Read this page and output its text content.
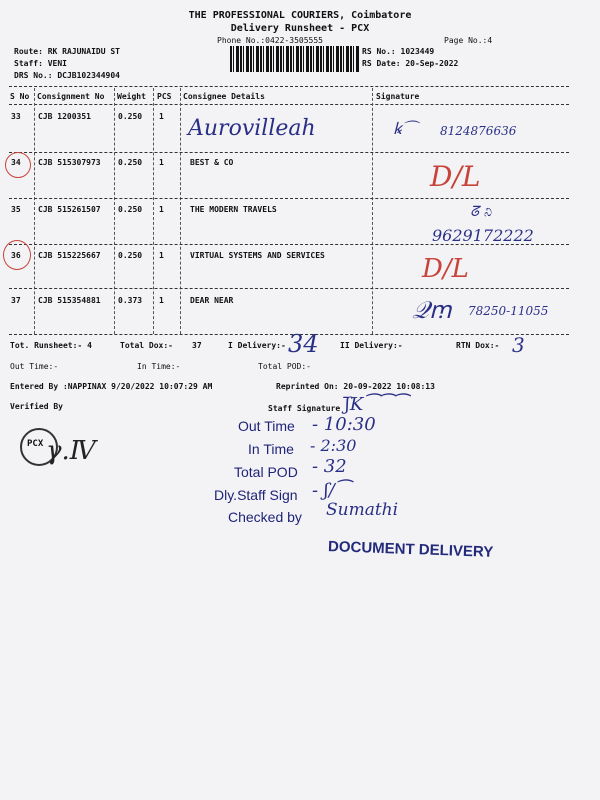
THE PROFESSIONAL COURIERS, Coimbatore
Delivery Runsheet - PCX
Phone No.:0422-3505555	Page No.:4
Route: RK RAJUNAIDU ST
Staff: VENI
DRS No.: DCJB102344904
RS No.: 1023449
RS Date: 20-Sep-2022
S No Consignment No Weight PCS Consignee Details	Signature
33 CJB 1200351	0.250 1 Aurovilleah	8124876636
ꝃ⌒
34 CJB 515307973 0.250 1	BEST & CO	D/L
35 CJB 515261507 0.250 1	THE MODERN TRAVELS	ᘔ ನಿ
9629172222
36 CJB 515225667 0.250 1	VIRTUAL SYSTEMS AND SERVICES	D/L
37 CJB 515354881 0.373 1	DEAR NEAR	𝒬ꭑ 78250-11055
Tot. Runsheet:- 4	Total Dox:- 37	I Delivery:- 34	II Delivery:-	RTN Dox:- 3
Out Time:-	In Time:-	Total POD:-
Entered By :NAPPINAX 9/20/2022 10:07:29 AM	Reprinted On: 20-09-2022 10:08:13
Verified By	Staff Signature ʃ̄K⁀⁀⁀
PCX γ.Ⅳ
Out Time - 10:30
In Time - 2:30
Total POD - 32
Dly.Staff Sign - ʃ/⁀
Checked by Sumathi
DOCUMENT DELIVERY
